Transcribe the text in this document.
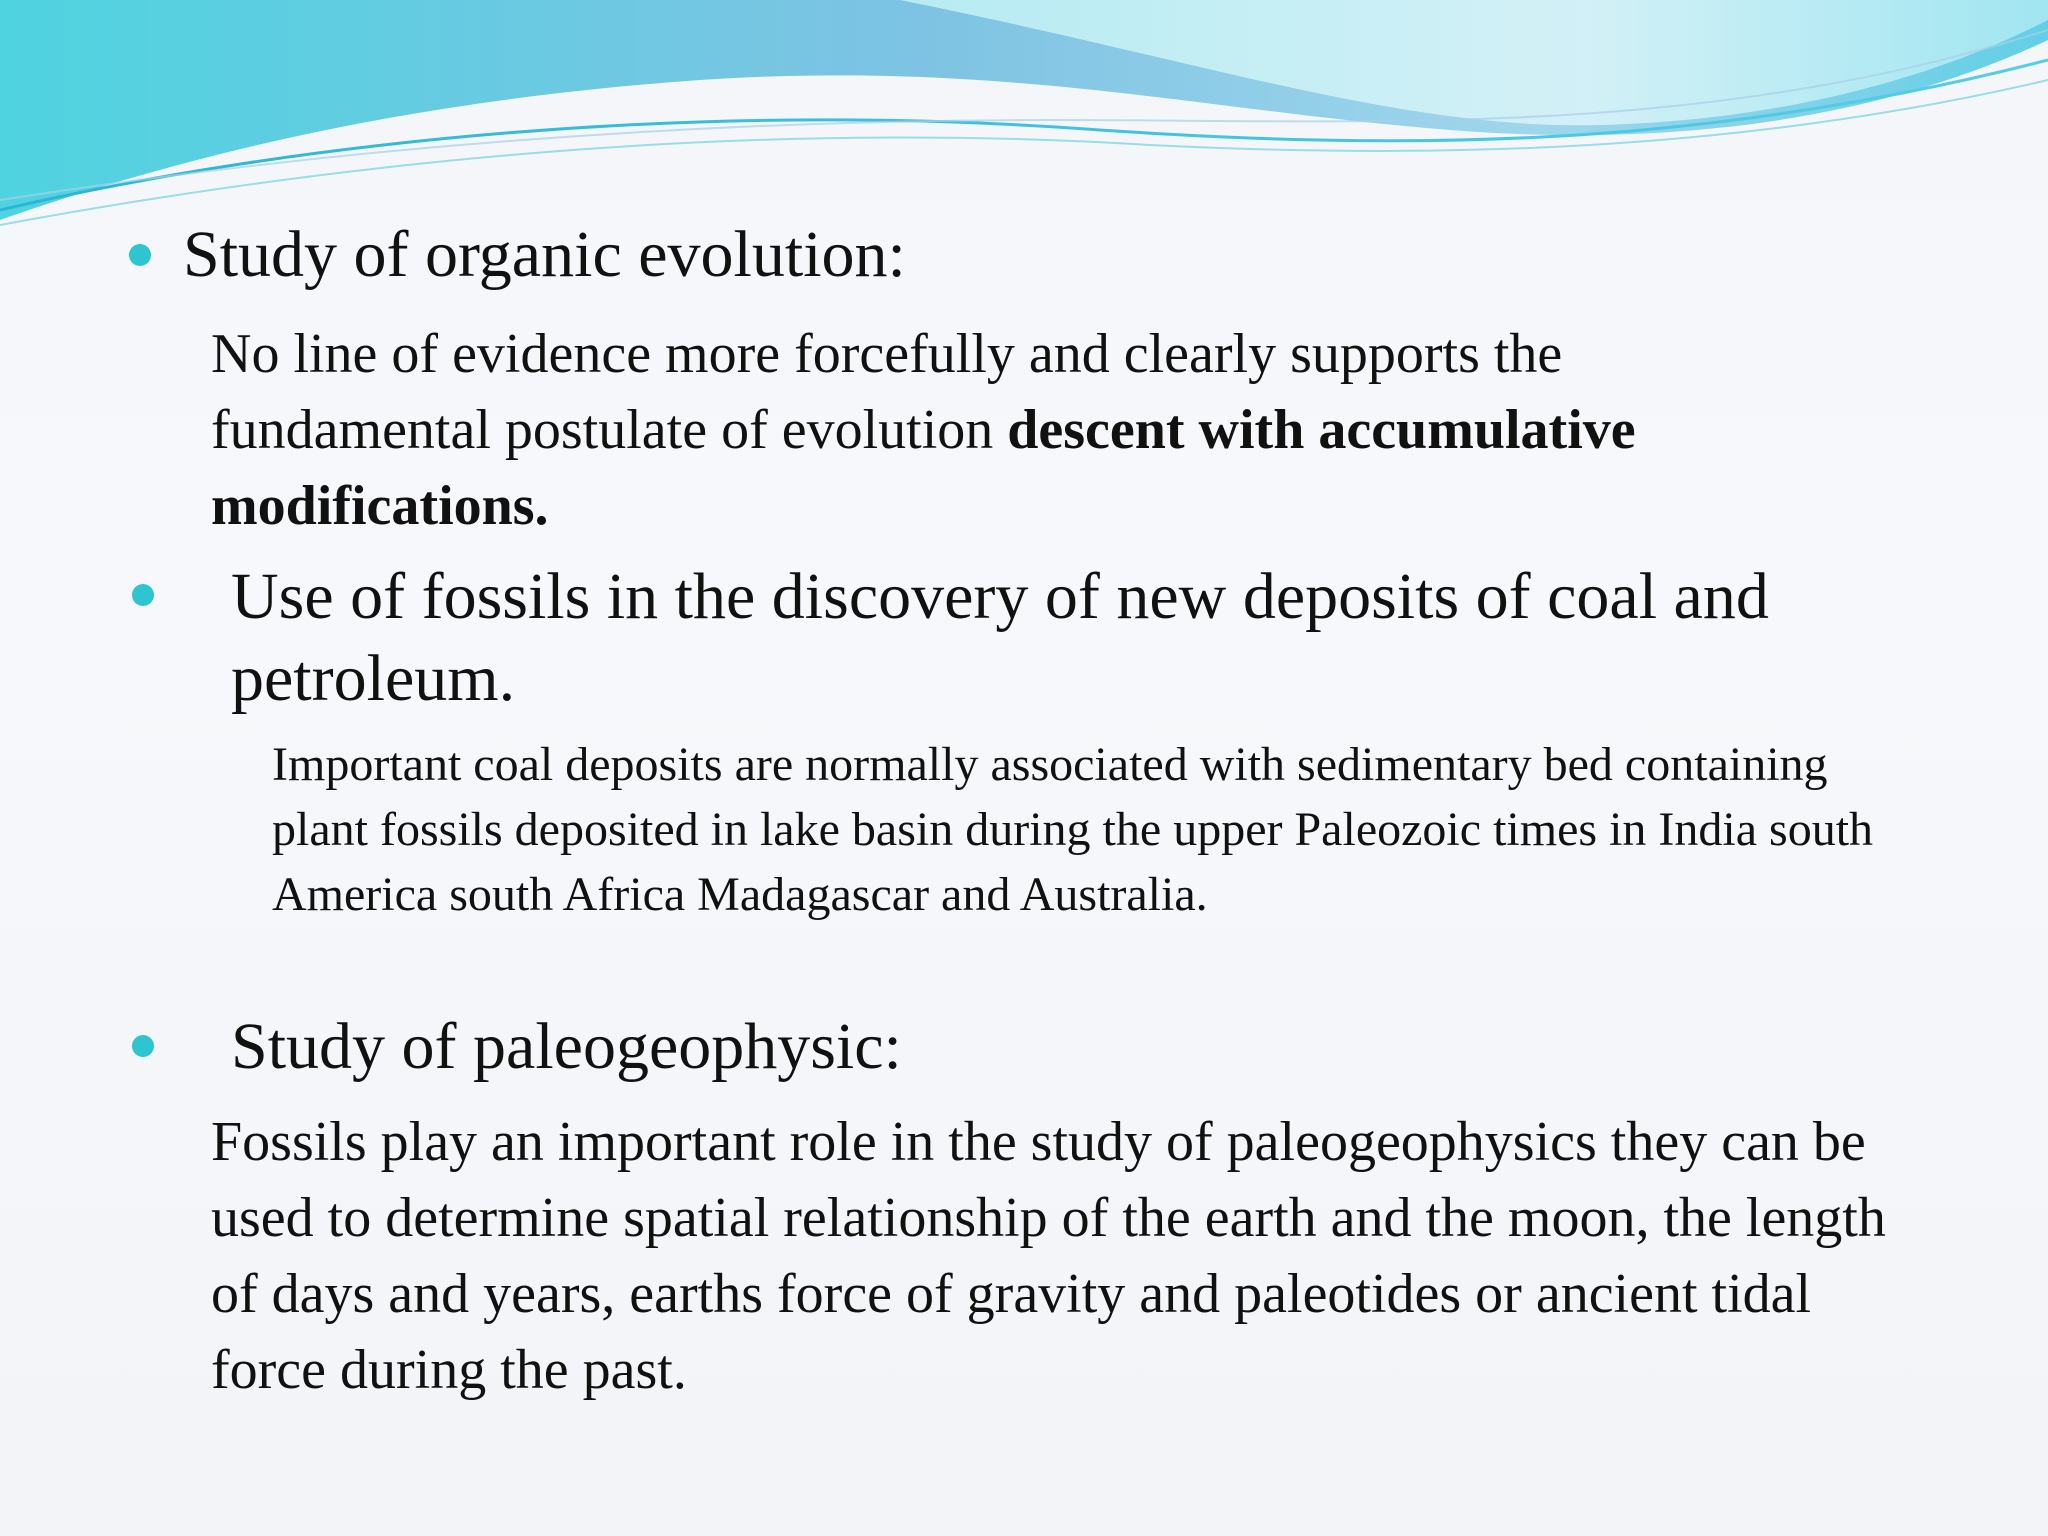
Study of organic evolution:
No line of evidence more forcefully and clearly supports the fundamental postulate of evolution descent with accumulative modifications.
Use of fossils in the discovery of new deposits of coal and petroleum.
Important coal deposits are normally associated with sedimentary bed containing plant fossils deposited in lake basin during the upper Paleozoic times in India south America south Africa Madagascar and Australia.
Study of paleogeophysic:
Fossils play an important role in the study of paleogeophysics they can be used to determine spatial relationship of the earth and the moon, the length of days and years, earths force of gravity and paleotides or ancient tidal force during the past.
